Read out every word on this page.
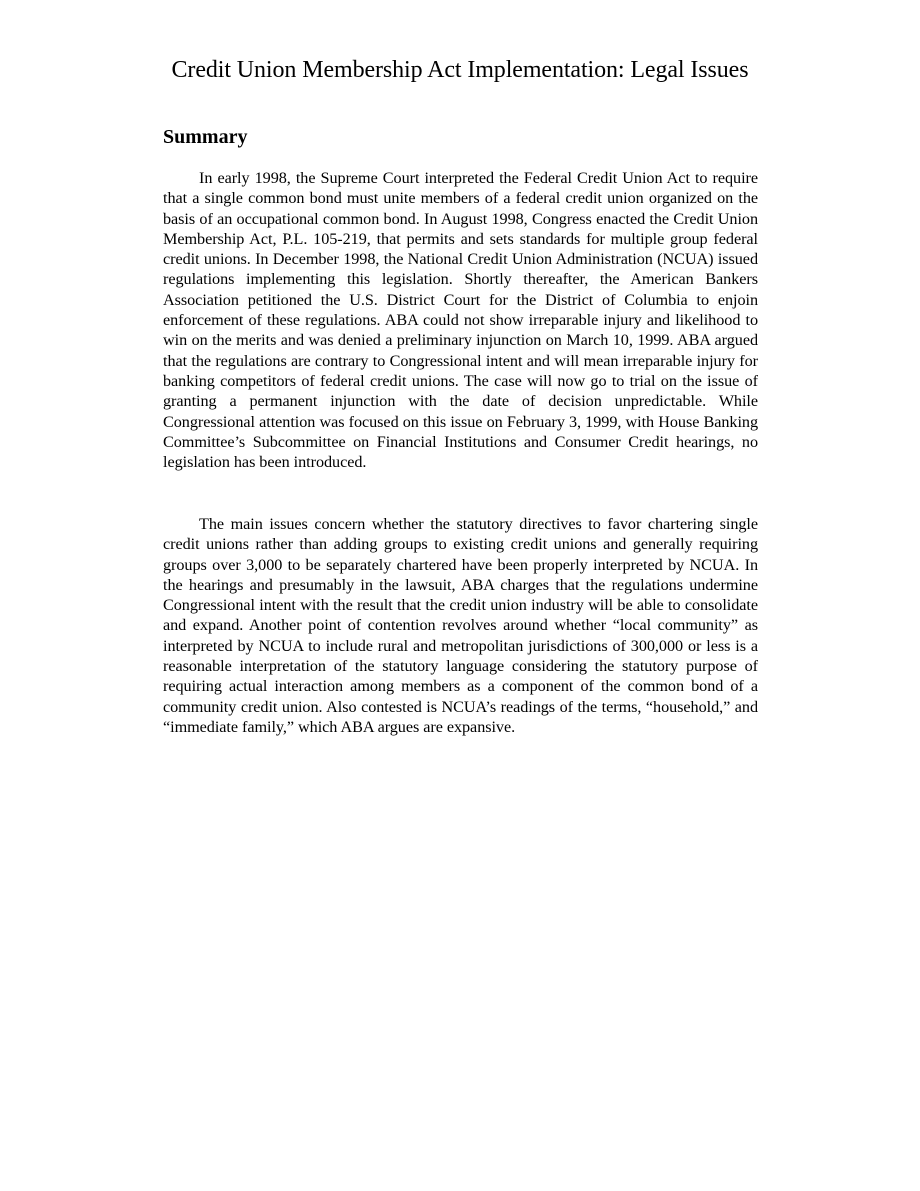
Credit Union Membership Act Implementation: Legal Issues
Summary

In early 1998, the Supreme Court interpreted the Federal Credit Union Act to require that a single common bond must unite members of a federal credit union organized on the basis of an occupational common bond. In August 1998, Congress enacted the Credit Union Membership Act, P.L. 105-219, that permits and sets standards for multiple group federal credit unions. In December 1998, the National Credit Union Administration (NCUA) issued regulations implementing this legislation. Shortly thereafter, the American Bankers Association petitioned the U.S. District Court for the District of Columbia to enjoin enforcement of these regulations. ABA could not show irreparable injury and likelihood to win on the merits and was denied a preliminary injunction on March 10, 1999. ABA argued that the regulations are contrary to Congressional intent and will mean irreparable injury for banking competitors of federal credit unions. The case will now go to trial on the issue of granting a permanent injunction with the date of decision unpredictable. While Congressional attention was focused on this issue on February 3, 1999, with House Banking Committee’s Subcommittee on Financial Institutions and Consumer Credit hearings, no legislation has been introduced.

The main issues concern whether the statutory directives to favor chartering single credit unions rather than adding groups to existing credit unions and generally requiring groups over 3,000 to be separately chartered have been properly interpreted by NCUA. In the hearings and presumably in the lawsuit, ABA charges that the regulations undermine Congressional intent with the result that the credit union industry will be able to consolidate and expand. Another point of contention revolves around whether “local community” as interpreted by NCUA to include rural and metropolitan jurisdictions of 300,000 or less is a reasonable interpretation of the statutory language considering the statutory purpose of requiring actual interaction among members as a component of the common bond of a community credit union. Also contested is NCUA’s readings of the terms, “household,” and “immediate family,” which ABA argues are expansive.
